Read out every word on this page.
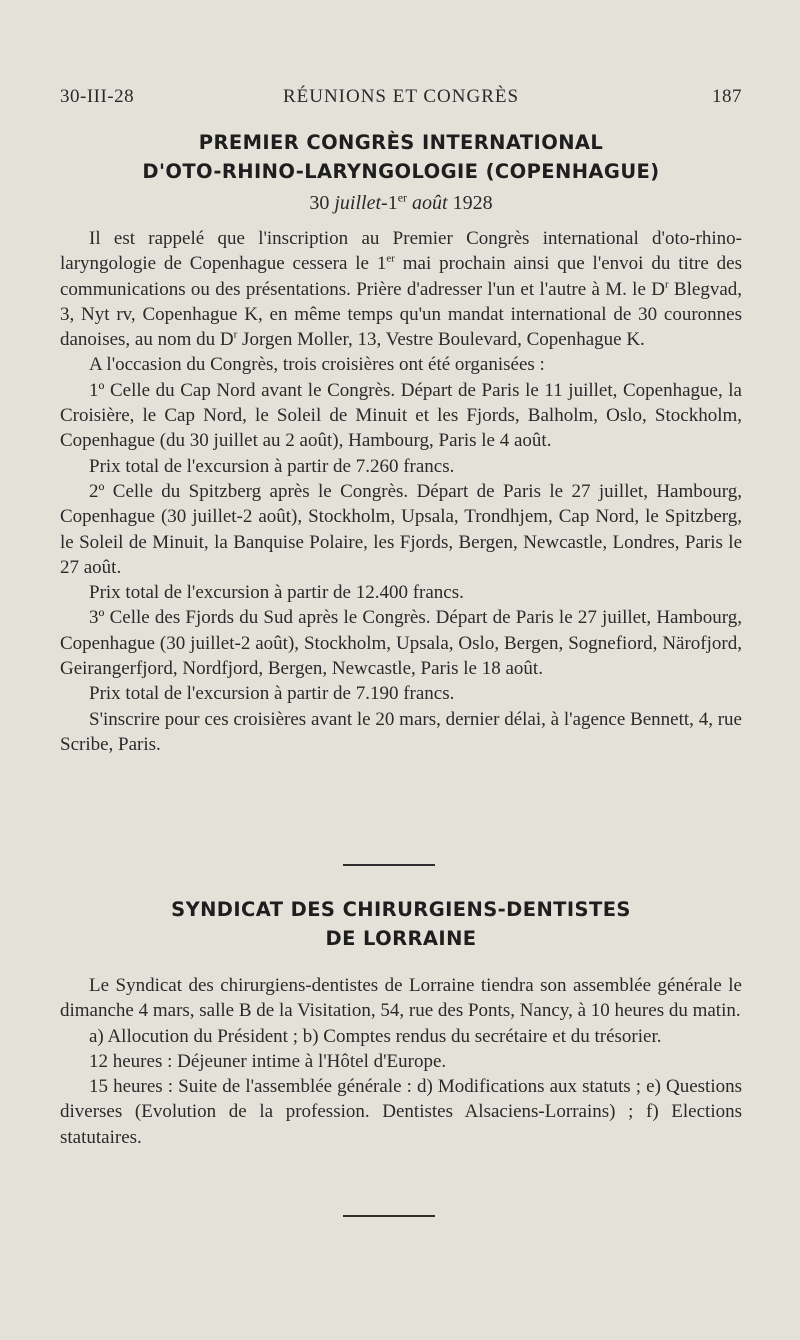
30-III-28	RÉUNIONS ET CONGRÈS	187
PREMIER CONGRÈS INTERNATIONAL
D'OTO-RHINO-LARYNGOLOGIE (COPENHAGUE)
30 juillet-1er août 1928

Il est rappelé que l'inscription au Premier Congrès international d'oto-rhino-laryngologie de Copenhague cessera le 1er mai prochain ainsi que l'envoi du titre des communications ou des présentations. Prière d'adresser l'un et l'autre à M. le $D^r$ Blegvad, 3, Nyt rv, Copenhague K, en même temps qu'un mandat international de 30 couronnes danoises, au nom du $D^r$ Jorgen Moller, 13, Vestre Boulevard, Copenhague K.

A l'occasion du Congrès, trois croisières ont été organisées :

1º Celle du Cap Nord avant le Congrès. Départ de Paris le 11 juillet, Copenhague, la Croisière, le Cap Nord, le Soleil de Minuit et les Fjords, Balholm, Oslo, Stockholm, Copenhague (du 30 juillet au 2 août), Hambourg, Paris le 4 août.

Prix total de l'excursion à partir de 7.260 francs.

2º Celle du Spitzberg après le Congrès. Départ de Paris le 27 juillet, Hambourg, Copenhague (30 juillet-2 août), Stockholm, Upsala, Trondhjem, Cap Nord, le Spitzberg, le Soleil de Minuit, la Banquise Polaire, les Fjords, Bergen, Newcastle, Londres, Paris le 27 août.

Prix total de l'excursion à partir de 12.400 francs.

3º Celle des Fjords du Sud après le Congrès. Départ de Paris le 27 juillet, Hambourg, Copenhague (30 juillet-2 août), Stockholm, Upsala, Oslo, Bergen, Sognefiord, Närofjord, Geirangerfjord, Nordfjord, Bergen, Newcastle, Paris le 18 août.

Prix total de l'excursion à partir de 7.190 francs.

S'inscrire pour ces croisières avant le 20 mars, dernier délai, à l'agence Bennett, 4, rue Scribe, Paris.

SYNDICAT DES CHIRURGIENS-DENTISTES
DE LORRAINE

Le Syndicat des chirurgiens-dentistes de Lorraine tiendra son assemblée générale le dimanche 4 mars, salle B de la Visitation, 54, rue des Ponts, Nancy, à 10 heures du matin.

a) Allocution du Président ; b) Comptes rendus du secrétaire et du trésorier.

12 heures : Déjeuner intime à l'Hôtel d'Europe.

15 heures : Suite de l'assemblée générale : d) Modifications aux statuts ; e) Questions diverses (Evolution de la profession. Dentistes Alsaciens-Lorrains) ; f) Elections statutaires.
